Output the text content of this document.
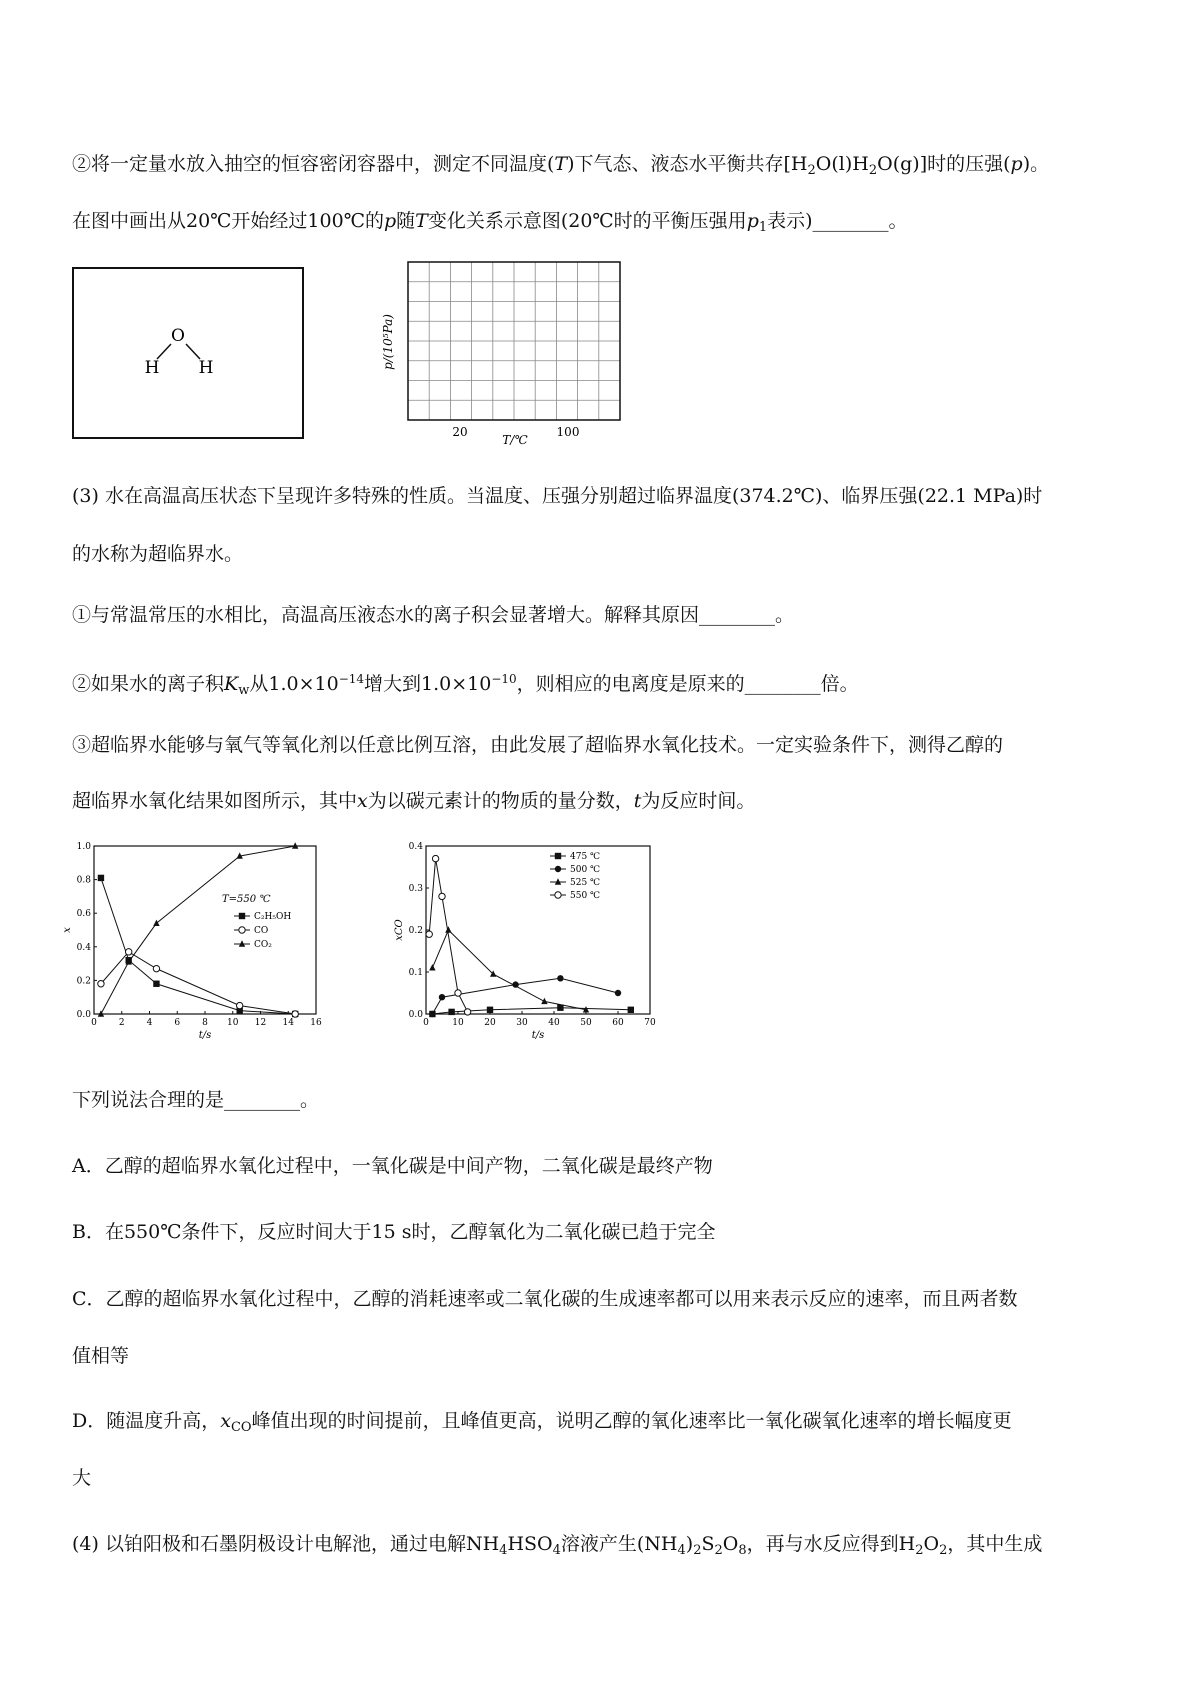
②将一定量水放入抽空的恒容密闭容器中，测定不同温度(T)下气态、液态水平衡共存$[H_2O(l)H_2O(g)]$时的压强(p)。
在图中画出从20℃开始经过100℃的p随T变化关系示意图(20℃时的平衡压强用$p_1$表示)________。
O
H H	p/(10⁵Pa)
20
T/℃
100
(3) 水在高温高压状态下呈现许多特殊的性质。当温度、压强分别超过临界温度(374.2℃)、临界压强(22.1 MPa)时
的水称为超临界水。
①与常温常压的水相比，高温高压液态水的离子积会显著增大。解释其原因________。
②如果水的离子积$K_w$从$1.0\times 10^{-14}$增大到$1.0\times 10^{-10}$，则相应的电离度是原来的________倍。
③超临界水能够与氧气等氧化剂以任意比例互溶，由此发展了超临界水氧化技术。一定实验条件下，测得乙醇的
超临界水氧化结果如图所示，其中x为以碳元素计的物质的量分数，t为反应时间。
0 2 4 6 8 10 12 14 16
0.0
0.2
0.4
0.6
0.8
1.0
t/s
x
T=550 ℃
C₂H₅OH
CO
CO₂
0	10 20 30 40 50 60 70
0.0
0.1
0.2
0.3
0.4
t/s
xCO
475 ℃
500 ℃
525 ℃
550 ℃
下列说法合理的是________。
A．乙醇的超临界水氧化过程中，一氧化碳是中间产物，二氧化碳是最终产物
B．在550℃条件下，反应时间大于15 s时，乙醇氧化为二氧化碳已趋于完全
C．乙醇的超临界水氧化过程中，乙醇的消耗速率或二氧化碳的生成速率都可以用来表示反应的速率，而且两者数
值相等
D．随温度升高，$x_{CO}$峰值出现的时间提前，且峰值更高，说明乙醇的氧化速率比一氧化碳氧化速率的增长幅度更
大
(4) 以铂阳极和石墨阴极设计电解池，通过电解$NH_4HSO_4$溶液产生$(NH_4)_2S_2O_8$，再与水反应得到$H_2O_2$，其中生成
